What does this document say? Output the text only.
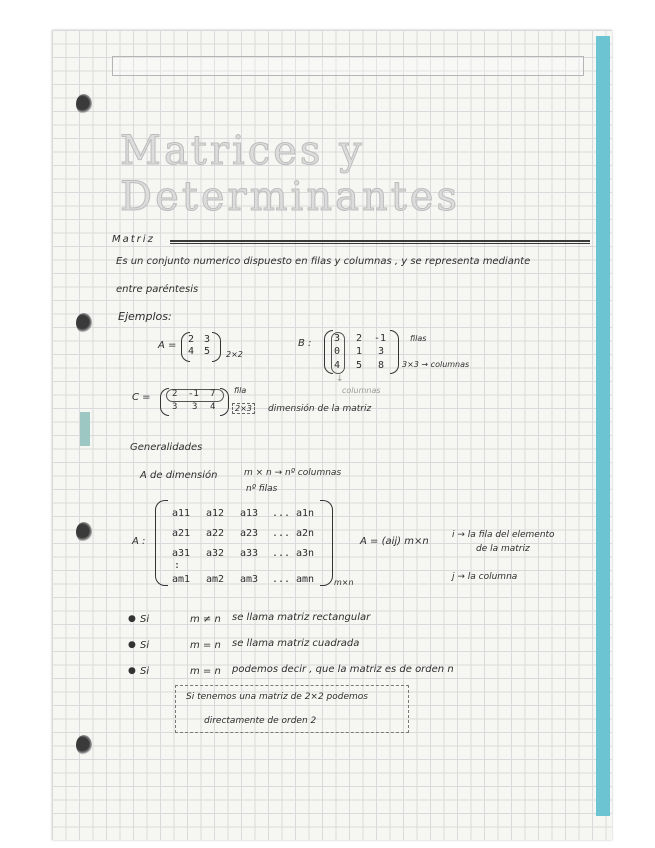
Matrices y Determinantes
Matriz
Es un conjunto numerico dispuesto en filas y columnas , y se representa mediante
entre paréntesis
Ejemplos:
A =
2 3
4 5 2×2
B : 3 2 -1
0 1 3
4 5 8
filas
3×3 → columnas
columnas
↓
C = 2 -1 7
3 3 4
fila
2×3	dimensión de la matriz
Generalidades
A de dimensión	m × n → nº columnas
nº filas
A :
a11 a12 a13 ... a1n
a21 a22 a23 ... a2n
a31 a32 a33 ... a3n
:
am1 am2 am3 ... amn m×n
A = (aij) m×n
i → la fila del elemento
de la matriz
j → la columna
● Si	m ≠ n se llama matriz rectangular
● Si	m = n se llama matriz cuadrada
● Si	m = n podemos decir , que la matriz es de orden n
Si tenemos una matriz de 2×2 podemos
directamente de orden 2
